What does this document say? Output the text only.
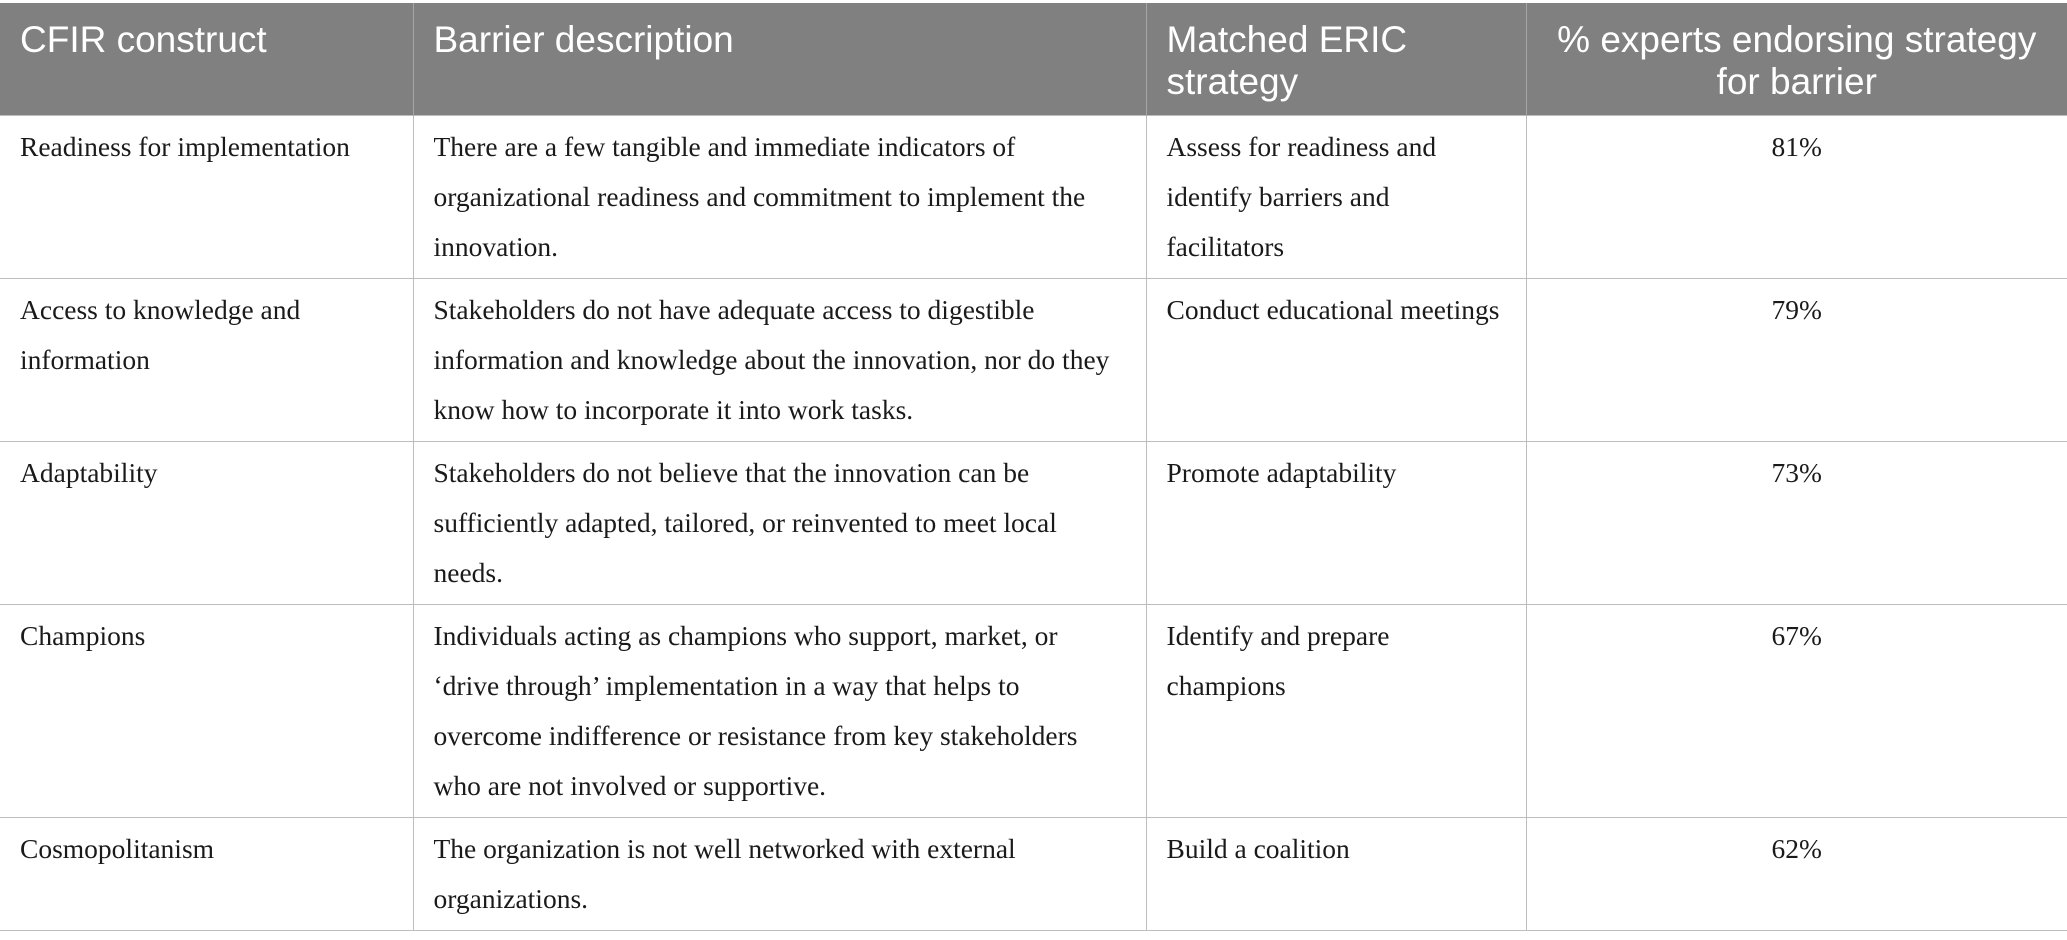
CFIR construct	Barrier description	Matched ERIC strategy	% experts endorsing strategy for barrier
Readiness for implementation	There are a few tangible and immediate indicators of organizational readiness and commitment to implement the innovation.	Assess for readiness and identify barriers and facilitators	81%
Access to knowledge and information	Stakeholders do not have adequate access to digestible information and knowledge about the innovation, nor do they know how to incorporate it into work tasks.	Conduct educational meetings	79%
Adaptability	Stakeholders do not believe that the innovation can be sufficiently adapted, tailored, or reinvented to meet local needs.	Promote adaptability	73%
Champions	Individuals acting as champions who support, market, or ‘drive through’ implementation in a way that helps to overcome indifference or resistance from key stakeholders who are not involved or supportive.	Identify and prepare champions	67%
Cosmopolitanism	The organization is not well networked with external organizations.	Build a coalition	62%
